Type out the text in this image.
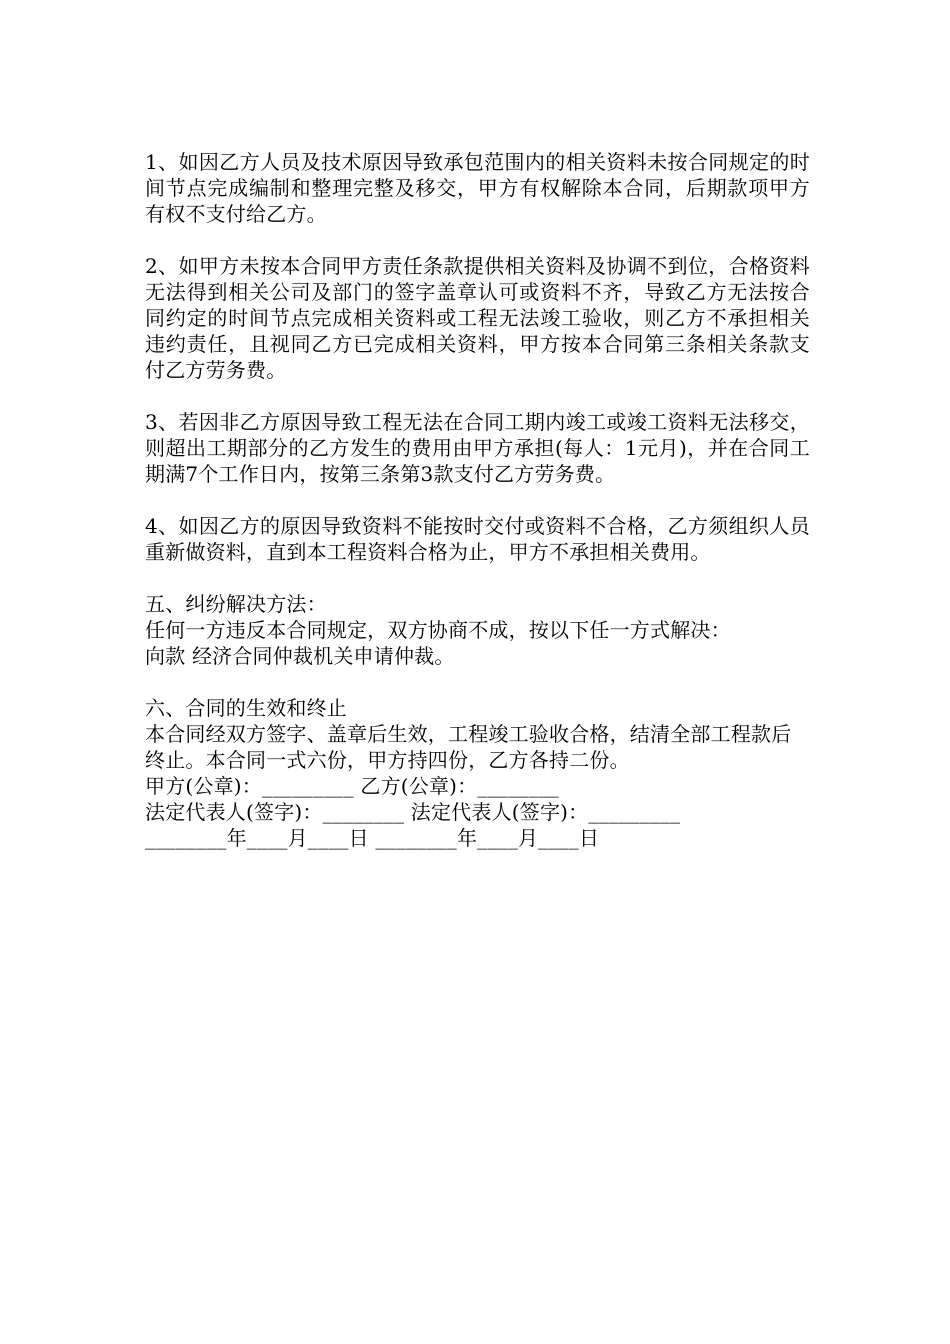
1、如因乙方人员及技术原因导致承包范围内的相关资料未按合同规定的时间节点完成编制和整理完整及移交，甲方有权解除本合同，后期款项甲方有权不支付给乙方。

2、如甲方未按本合同甲方责任条款提供相关资料及协调不到位，合格资料无法得到相关公司及部门的签字盖章认可或资料不齐，导致乙方无法按合同约定的时间节点完成相关资料或工程无法竣工验收，则乙方不承担相关违约责任，且视同乙方已完成相关资料，甲方按本合同第三条相关条款支付乙方劳务费。

3、若因非乙方原因导致工程无法在合同工期内竣工或竣工资料无法移交，则超出工期部分的乙方发生的费用由甲方承担(每人：1元月)，并在合同工期满7个工作日内，按第三条第3款支付乙方劳务费。

4、如因乙方的原因导致资料不能按时交付或资料不合格，乙方须组织人员重新做资料，直到本工程资料合格为止，甲方不承担相关费用。

五、纠纷解决方法：

任何一方违反本合同规定，双方协商不成，按以下任一方式解决：

向款 经济合同仲裁机关申请仲裁。

六、合同的生效和终止

本合同经双方签字、盖章后生效，工程竣工验收合格，结清全部工程款后终止。本合同一式六份，甲方持四份，乙方各持二份。

甲方(公章)：_________ 乙方(公章)：________

法定代表人(签字)：________ 法定代表人(签字)：_________

________年____月____日 ________年____月____日
